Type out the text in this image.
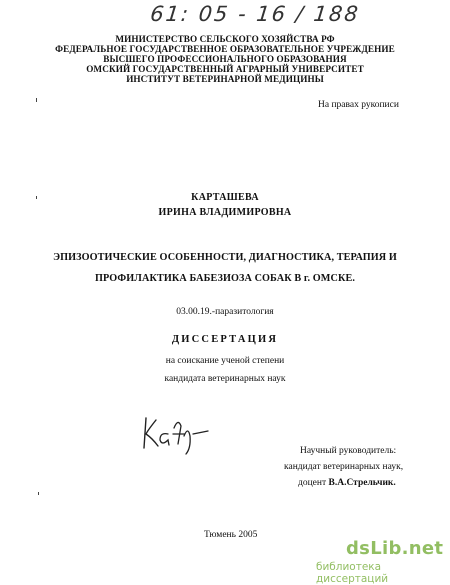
61: 05 - 16 / 188
МИНИСТЕРСТВО СЕЛЬСКОГО ХОЗЯЙСТВА РФ
ФЕДЕРАЛЬНОЕ ГОСУДАРСТВЕННОЕ ОБРАЗОВАТЕЛЬНОЕ УЧРЕЖДЕНИЕ
ВЫСШЕГО ПРОФЕССИОНАЛЬНОГО ОБРАЗОВАНИЯ
ОМСКИЙ ГОСУДАРСТВЕННЫЙ АГРАРНЫЙ УНИВЕРСИТЕТ
ИНСТИТУТ ВЕТЕРИНАРНОЙ МЕДИЦИНЫ
На правах рукописи
КАРТАШЕВА
ИРИНА ВЛАДИМИРОВНА
ЭПИЗООТИЧЕСКИЕ ОСОБЕННОСТИ, ДИАГНОСТИКА, ТЕРАПИЯ И
ПРОФИЛАКТИКА БАБЕЗИОЗА СОБАК В г. ОМСКЕ.
03.00.19.-паразитология
ДИССЕРТАЦИЯ
на соискание ученой степени
кандидата ветеринарных наук
Научный руководитель:
кандидат ветеринарных наук,
доцент В.А.Стрельчик.
Тюмень 2005
dsLib.net
библиотека диссертаций
